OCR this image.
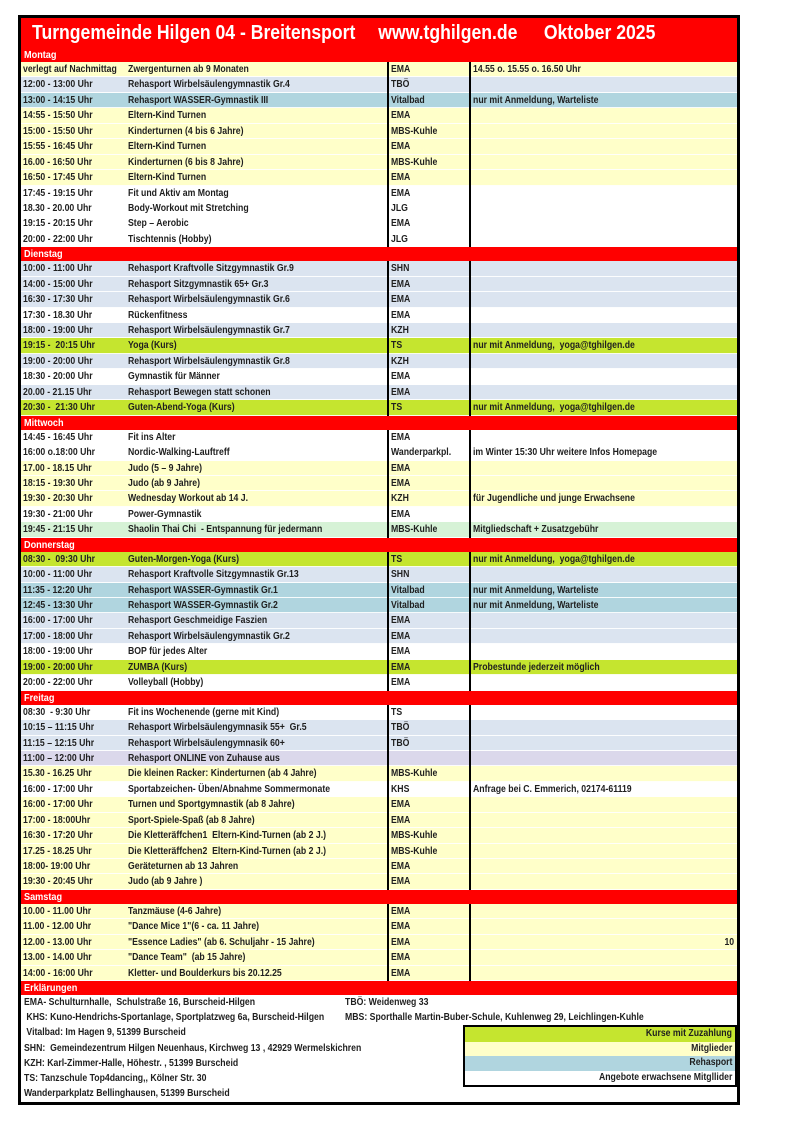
Turngemeinde Hilgen 04 - Breitensport www.tghilgen.de Oktober 2025
Montag
verlegt auf Nachmittag	Zwergenturnen ab 9 Monaten	EMA	14.55 o. 15.55 o. 16.50 Uhr
12:00 - 13:00 Uhr	Rehasport Wirbelsäulengymnastik Gr.4	TBÖ
13:00 - 14:15 Uhr	Rehasport WASSER-Gymnastik III	Vitalbad	nur mit Anmeldung, Warteliste
14:55 - 15:50 Uhr	Eltern-Kind Turnen	EMA
15:00 - 15:50 Uhr	Kinderturnen (4 bis 6 Jahre)	MBS-Kuhle
15:55 - 16:45 Uhr	Eltern-Kind Turnen	EMA
16.00 - 16:50 Uhr	Kinderturnen (6 bis 8 Jahre)	MBS-Kuhle
16:50 - 17:45 Uhr	Eltern-Kind Turnen	EMA
17:45 - 19:15 Uhr	Fit und Aktiv am Montag	EMA
18.30 - 20.00 Uhr	Body-Workout mit Stretching	JLG
19:15 - 20:15 Uhr	Step – Aerobic	EMA
20:00 - 22:00 Uhr	Tischtennis (Hobby)	JLG
Dienstag
10:00 - 11:00 Uhr	Rehasport Kraftvolle Sitzgymnastik Gr.9	SHN
14:00 - 15:00 Uhr	Rehasport Sitzgymnastik 65+ Gr.3	EMA
16:30 - 17:30 Uhr	Rehasport Wirbelsäulengymnastik Gr.6	EMA
17:30 - 18.30 Uhr	Rückenfitness	EMA
18:00 - 19:00 Uhr	Rehasport Wirbelsäulengymnastik Gr.7	KZH
19:15 -  20:15 Uhr	Yoga (Kurs)	TS	nur mit Anmeldung,  yoga@tghilgen.de
19:00 - 20:00 Uhr	Rehasport Wirbelsäulengymnastik Gr.8	KZH
18:30 - 20:00 Uhr	Gymnastik für Männer	EMA
20.00 - 21.15 Uhr	Rehasport Bewegen statt schonen	EMA
20:30 -  21:30 Uhr	Guten-Abend-Yoga (Kurs)	TS	nur mit Anmeldung,  yoga@tghilgen.de
Mittwoch
14:45 - 16:45 Uhr	Fit ins Alter	EMA
16:00 o.18:00 Uhr	Nordic-Walking-Lauftreff	Wanderparkpl.	im Winter 15:30 Uhr weitere Infos Homepage
17.00 - 18.15 Uhr	Judo (5 – 9 Jahre)	EMA
18:15 - 19:30 Uhr	Judo (ab 9 Jahre)	EMA
19:30 - 20:30 Uhr	Wednesday Workout ab 14 J.	KZH	für Jugendliche und junge Erwachsene
19:30 - 21:00 Uhr	Power-Gymnastik	EMA
19:45 - 21:15 Uhr	Shaolin Thai Chi  - Entspannung für jedermann	MBS-Kuhle	Mitgliedschaft + Zusatzgebühr
Donnerstag
08:30 -  09:30 Uhr	Guten-Morgen-Yoga (Kurs)	TS	nur mit Anmeldung,  yoga@tghilgen.de
10:00 - 11:00 Uhr	Rehasport Kraftvolle Sitzgymnastik Gr.13	SHN
11:35 - 12:20 Uhr	Rehasport WASSER-Gymnastik Gr.1	Vitalbad	nur mit Anmeldung, Warteliste
12:45 - 13:30 Uhr	Rehasport WASSER-Gymnastik Gr.2	Vitalbad	nur mit Anmeldung, Warteliste
16:00 - 17:00 Uhr	Rehasport Geschmeidige Faszien	EMA
17:00 - 18:00 Uhr	Rehasport Wirbelsäulengymnastik Gr.2	EMA
18:00 - 19:00 Uhr	BOP für jedes Alter	EMA
19:00 - 20:00 Uhr	ZUMBA (Kurs)	EMA	Probestunde jederzeit möglich
20:00 - 22:00 Uhr	Volleyball (Hobby)	EMA
Freitag
08:30  - 9:30 Uhr	Fit ins Wochenende (gerne mit Kind)	TS
10:15 – 11:15 Uhr	Rehasport Wirbelsäulengymnasik 55+  Gr.5	TBÖ
11:15 – 12:15 Uhr	Rehasport Wirbelsäulengymnasik 60+	TBÖ
11:00 – 12:00 Uhr	Rehasport ONLINE von Zuhause aus
15.30 - 16.25 Uhr	Die kleinen Racker: Kinderturnen (ab 4 Jahre)	MBS-Kuhle
16:00 - 17:00 Uhr	Sportabzeichen- Üben/Abnahme Sommermonate	KHS	Anfrage bei C. Emmerich, 02174-61119
16:00 - 17:00 Uhr	Turnen und Sportgymnastik (ab 8 Jahre)	EMA
17:00 - 18:00Uhr	Sport-Spiele-Spaß (ab 8 Jahre)	EMA
16:30 - 17:20 Uhr	Die Kletteräffchen1  Eltern-Kind-Turnen (ab 2 J.)	MBS-Kuhle
17.25 - 18.25 Uhr	Die Kletteräffchen2  Eltern-Kind-Turnen (ab 2 J.)	MBS-Kuhle
18:00- 19:00 Uhr	Geräteturnen ab 13 Jahren	EMA
19:30 - 20:45 Uhr	Judo (ab 9 Jahre )	EMA
Samstag
10.00 - 11.00 Uhr	Tanzmäuse (4-6 Jahre)	EMA
11.00 - 12.00 Uhr	"Dance Mice 1"(6 - ca. 11 Jahre)	EMA
12.00 - 13.00 Uhr	"Essence Ladies" (ab 6. Schuljahr - 15 Jahre)	EMA	10
13.00 - 14.00 Uhr	"Dance Team"  (ab 15 Jahre)	EMA
14:00 - 16:00 Uhr	Kletter- und Boulderkurs bis 20.12.25	EMA
Erklärungen
EMA- Schulturnhalle,  Schulstraße 16, Burscheid-Hilgen	TBÖ: Weidenweg 33
KHS: Kuno-Hendrichs-Sportanlage, Sportplatzweg 6a, Burscheid-Hilgen MBS: Sporthalle Martin-Buber-Schule, Kuhlenweg 29, Leichlingen-Kuhle
Vitalbad: Im Hagen 9, 51399 Burscheid
SHN:  Gemeindezentrum Hilgen Neuenhaus, Kirchweg 13 , 42929 Wermelskichren
KZH: Karl-Zimmer-Halle, Höhestr. , 51399 Burscheid
TS: Tanzschule Top4dancing,, Kölner Str. 30
Wanderparkplatz Bellinghausen, 51399 Burscheid
Kurse mit Zuzahlung
Mitglieder
Rehasport
Angebote erwachsene Mitgllider
